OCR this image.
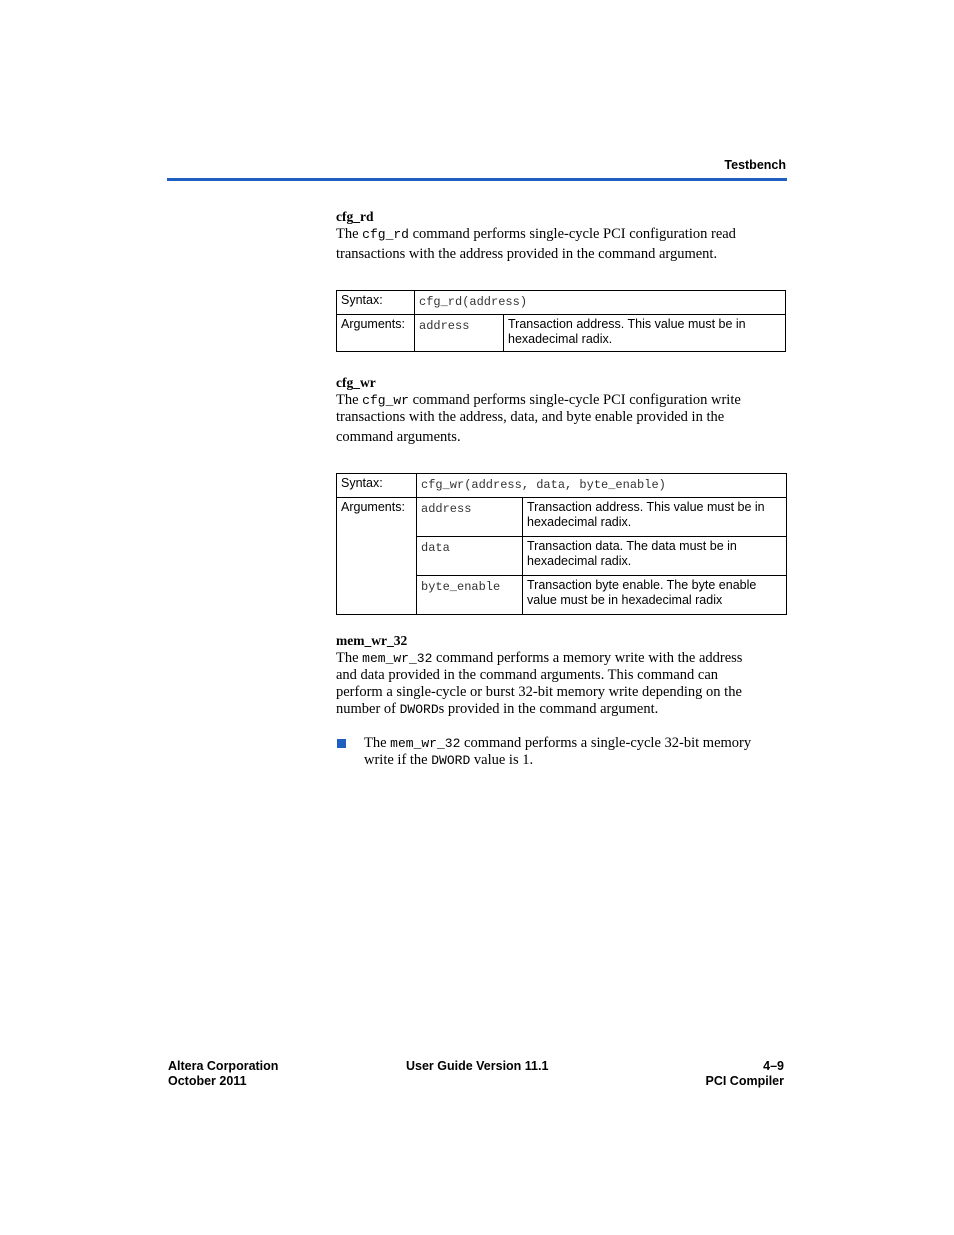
Testbench

cfg_rd

The cfg_rd command performs single-cycle PCI configuration read
transactions with the address provided in the command argument.

Syntax:	cfg_rd(address)	
Arguments:	address	Transaction address. This value must be in hexadecimal radix.

cfg_wr

The cfg_wr command performs single-cycle PCI configuration write
transactions with the address, data, and byte enable provided in the
command arguments.

Syntax:	cfg_wr(address, data, byte_enable)	
Arguments:	address	Transaction address. This value must be in hexadecimal radix.
	data	Transaction data. The data must be in hexadecimal radix.
	byte_enable	Transaction byte enable. The byte enable value must be in hexadecimal radix

mem_wr_32

The mem_wr_32 command performs a memory write with the address
and data provided in the command arguments. This command can
perform a single-cycle or burst 32-bit memory write depending on the
number of DWORDs provided in the command argument.

The mem_wr_32 command performs a single-cycle 32-bit memory
write if the DWORD value is 1.

Altera Corporation
October 2011
User Guide Version 11.1	4–9
PCI Compiler
